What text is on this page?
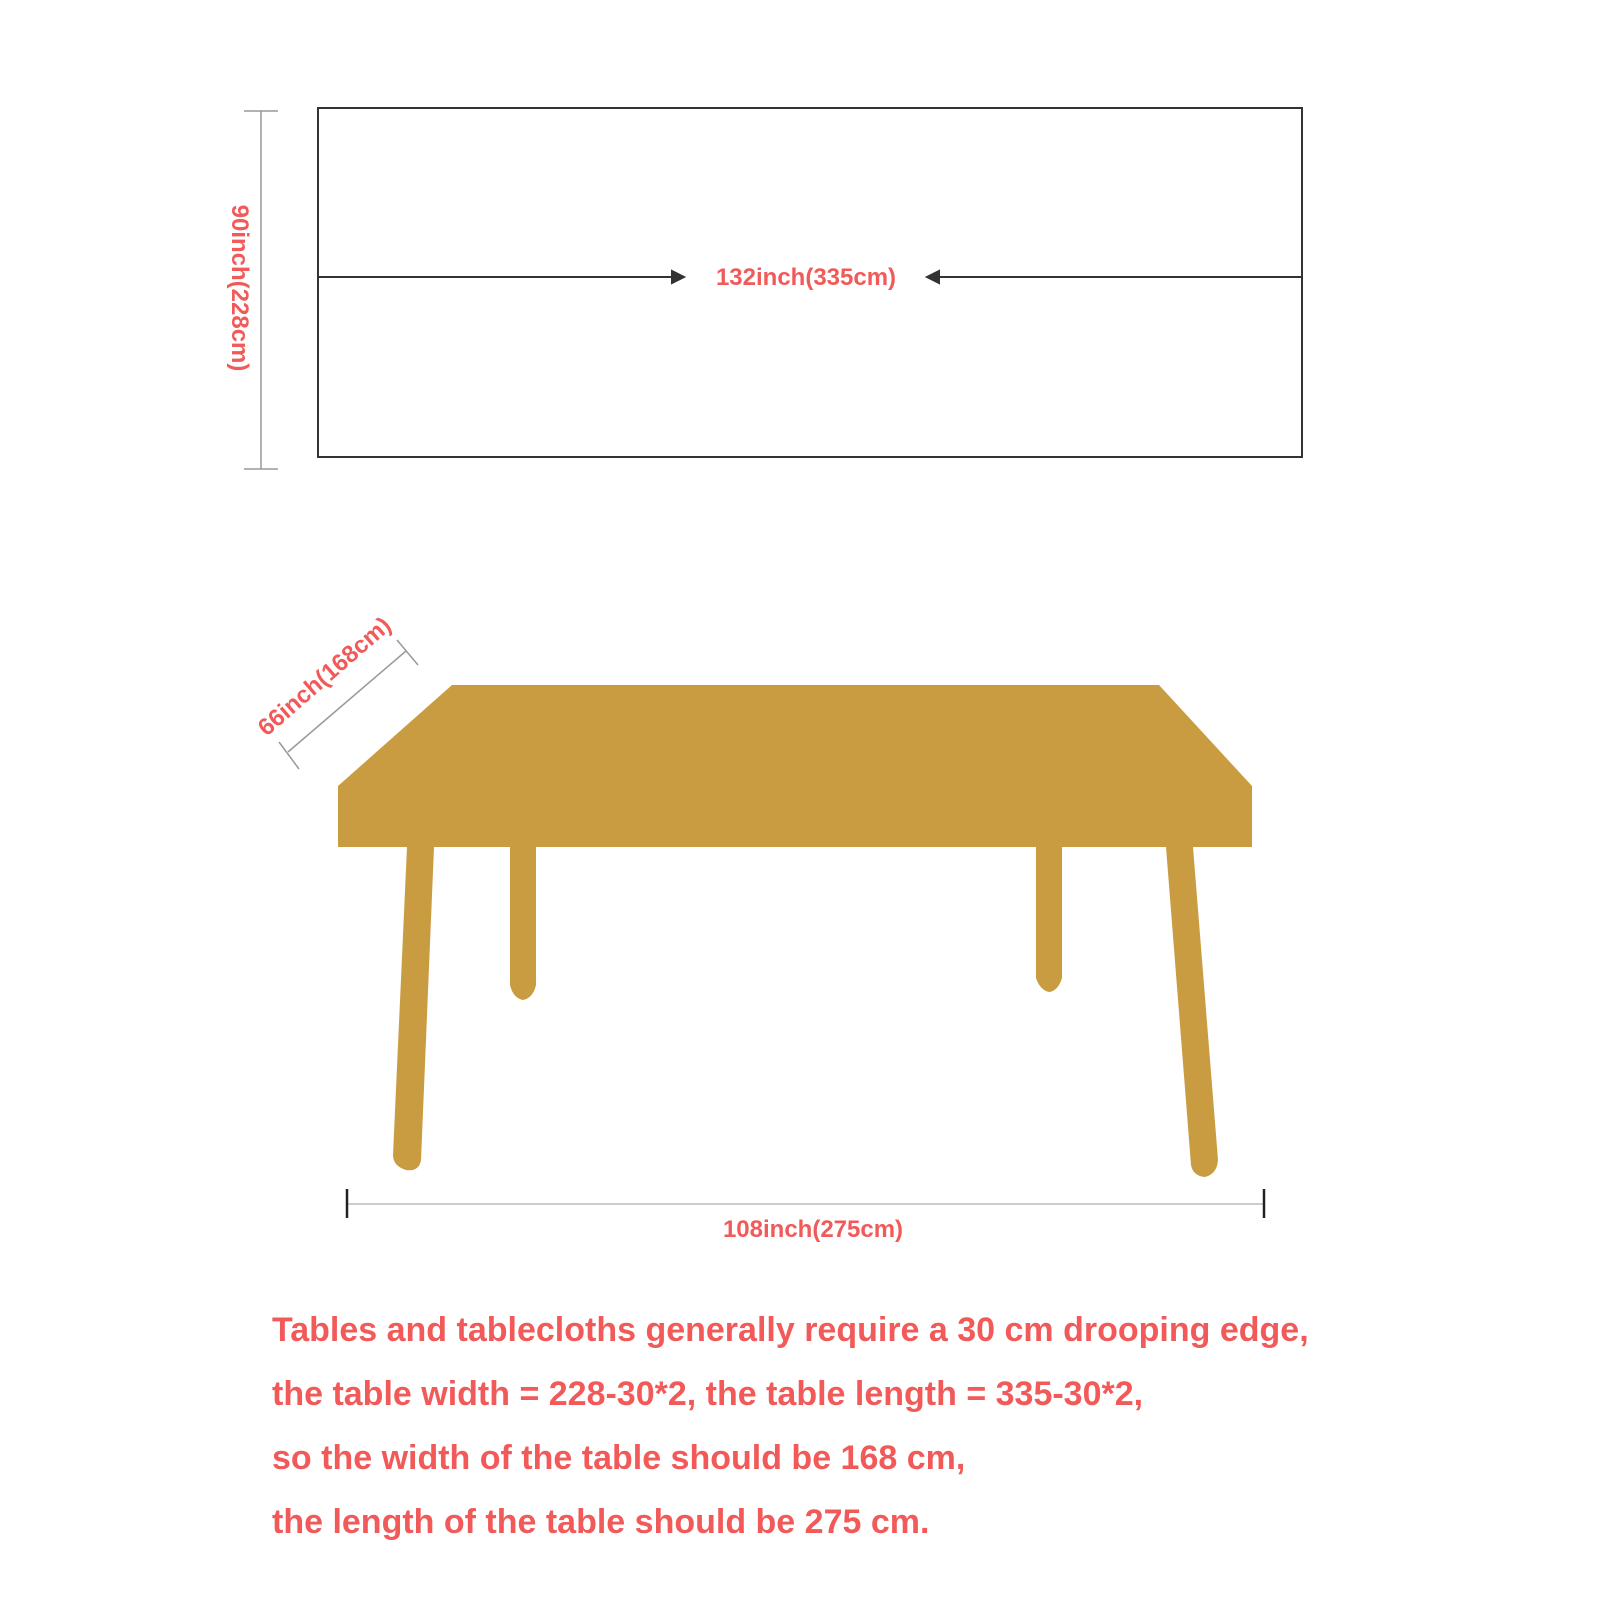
90inch(228cm)	132inch(335cm)
66inch(168cm)
108inch(275cm)
Tables and tablecloths generally require a 30 cm drooping edge,
the table width = 228-30*2, the table length = 335-30*2,
so the width of the table should be 168 cm,
the length of the table should be 275 cm.
